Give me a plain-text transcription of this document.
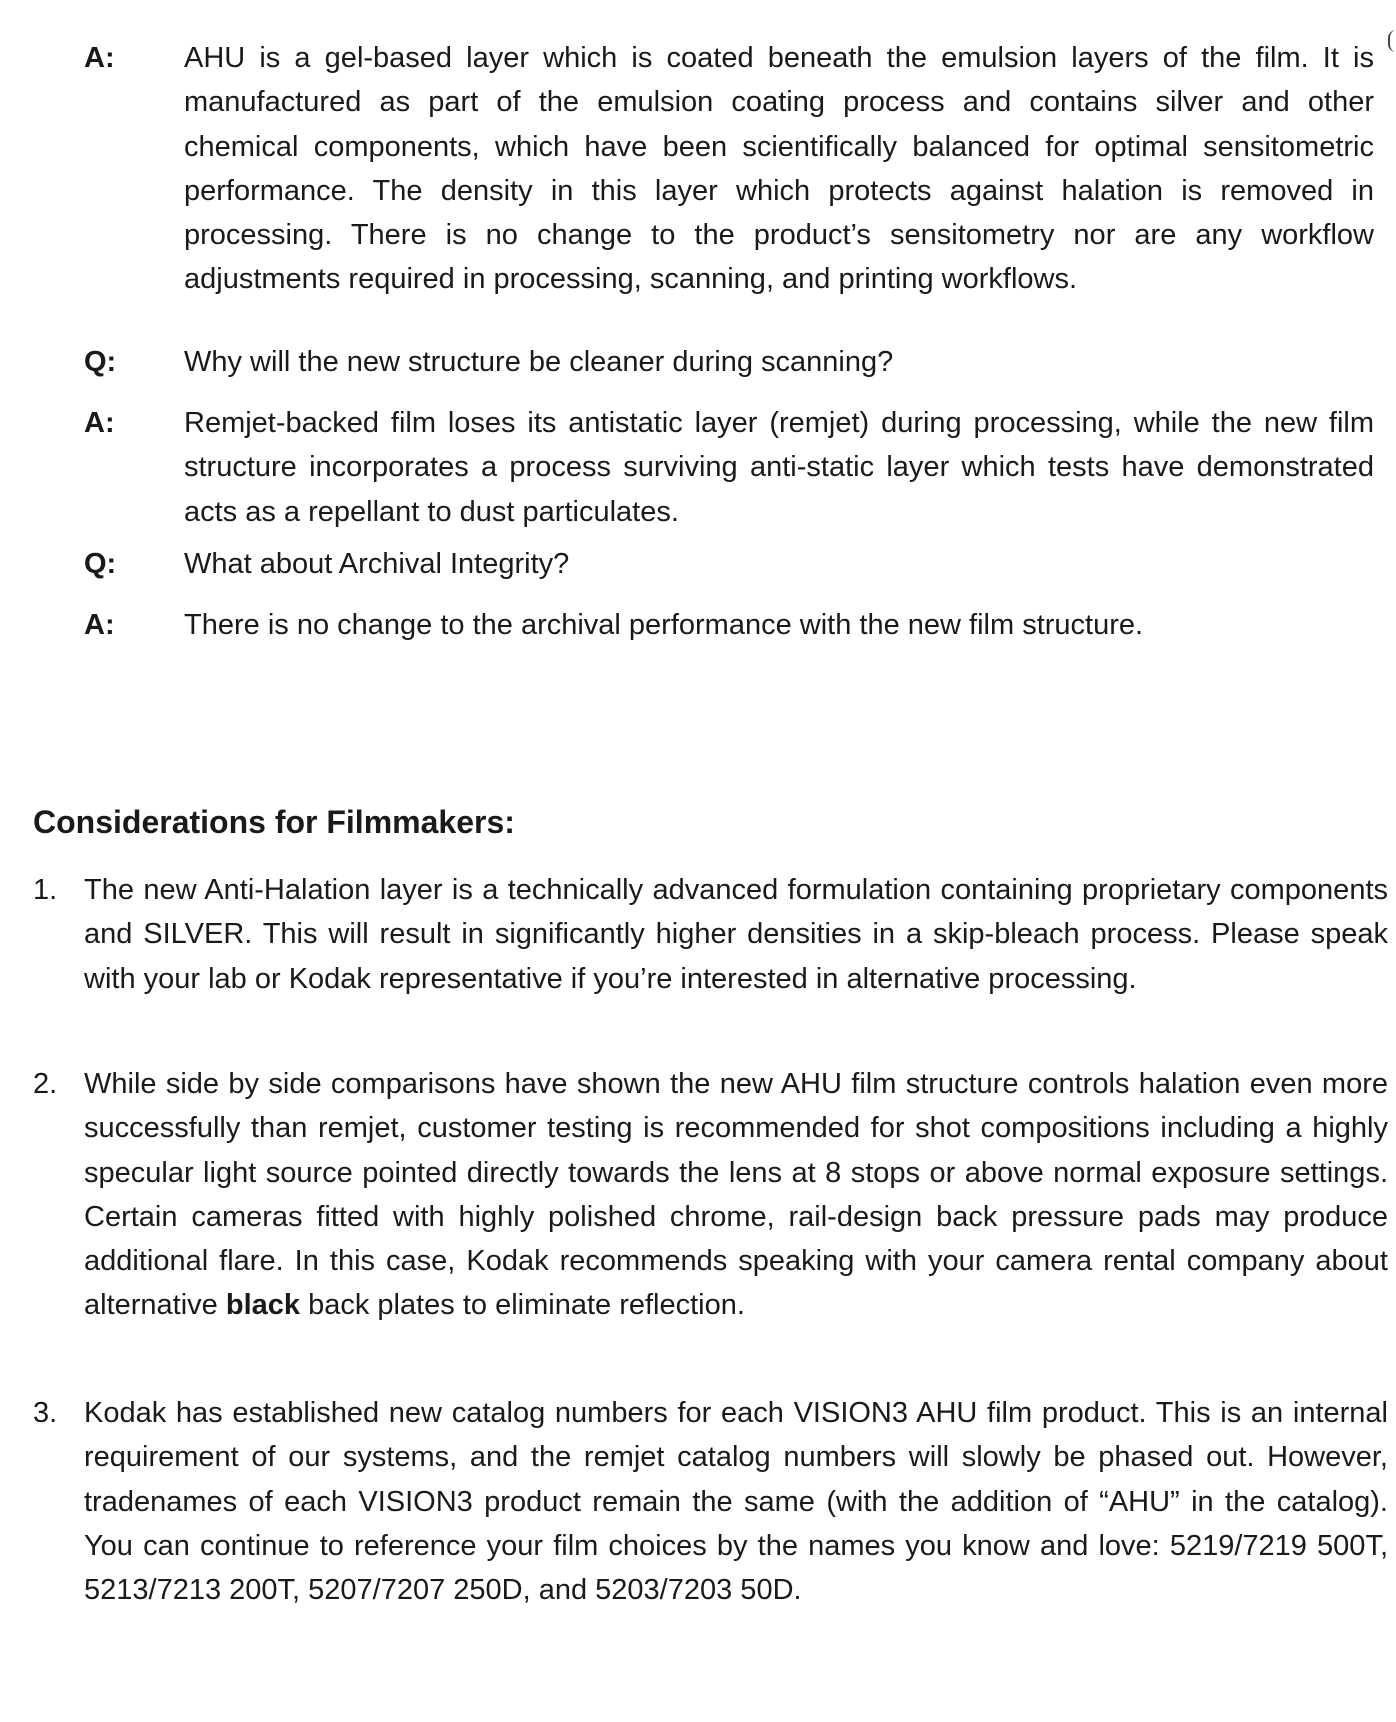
A:	AHU is a gel-based layer which is coated beneath the emulsion layers of the film. It is manufactured as part of the emulsion coating process and contains silver and other chemical components, which have been scientifically balanced for optimal sensitometric performance. The density in this layer which protects against halation is removed in processing. There is no change to the product’s sensitometry nor are any workflow adjustments required in processing, scanning, and printing workflows.
Q:	Why will the new structure be cleaner during scanning?
A:	Remjet-backed film loses its antistatic layer (remjet) during processing, while the new film structure incorporates a process surviving anti-static layer which tests have demonstrated acts as a repellant to dust particulates.
Q:	What about Archival Integrity?
A:	There is no change to the archival performance with the new film structure.
Considerations for Filmmakers:
1. The new Anti-Halation layer is a technically advanced formulation containing proprietary components and SILVER. This will result in significantly higher densities in a skip-bleach process. Please speak with your lab or Kodak representative if you’re interested in alternative processing.
2. While side by side comparisons have shown the new AHU film structure controls halation even more successfully than remjet, customer testing is recommended for shot compositions including a highly specular light source pointed directly towards the lens at 8 stops or above normal exposure settings. Certain cameras fitted with highly polished chrome, rail-design back pressure pads may produce additional flare. In this case, Kodak recommends speaking with your camera rental company about alternative black back plates to eliminate reflection.
3. Kodak has established new catalog numbers for each VISION3 AHU film product. This is an internal requirement of our systems, and the remjet catalog numbers will slowly be phased out. However, tradenames of each VISION3 product remain the same (with the addition of “AHU” in the catalog). You can continue to reference your film choices by the names you know and love: 5219/7219 500T, 5213/7213 200T, 5207/7207 250D, and 5203/7203 50D.
